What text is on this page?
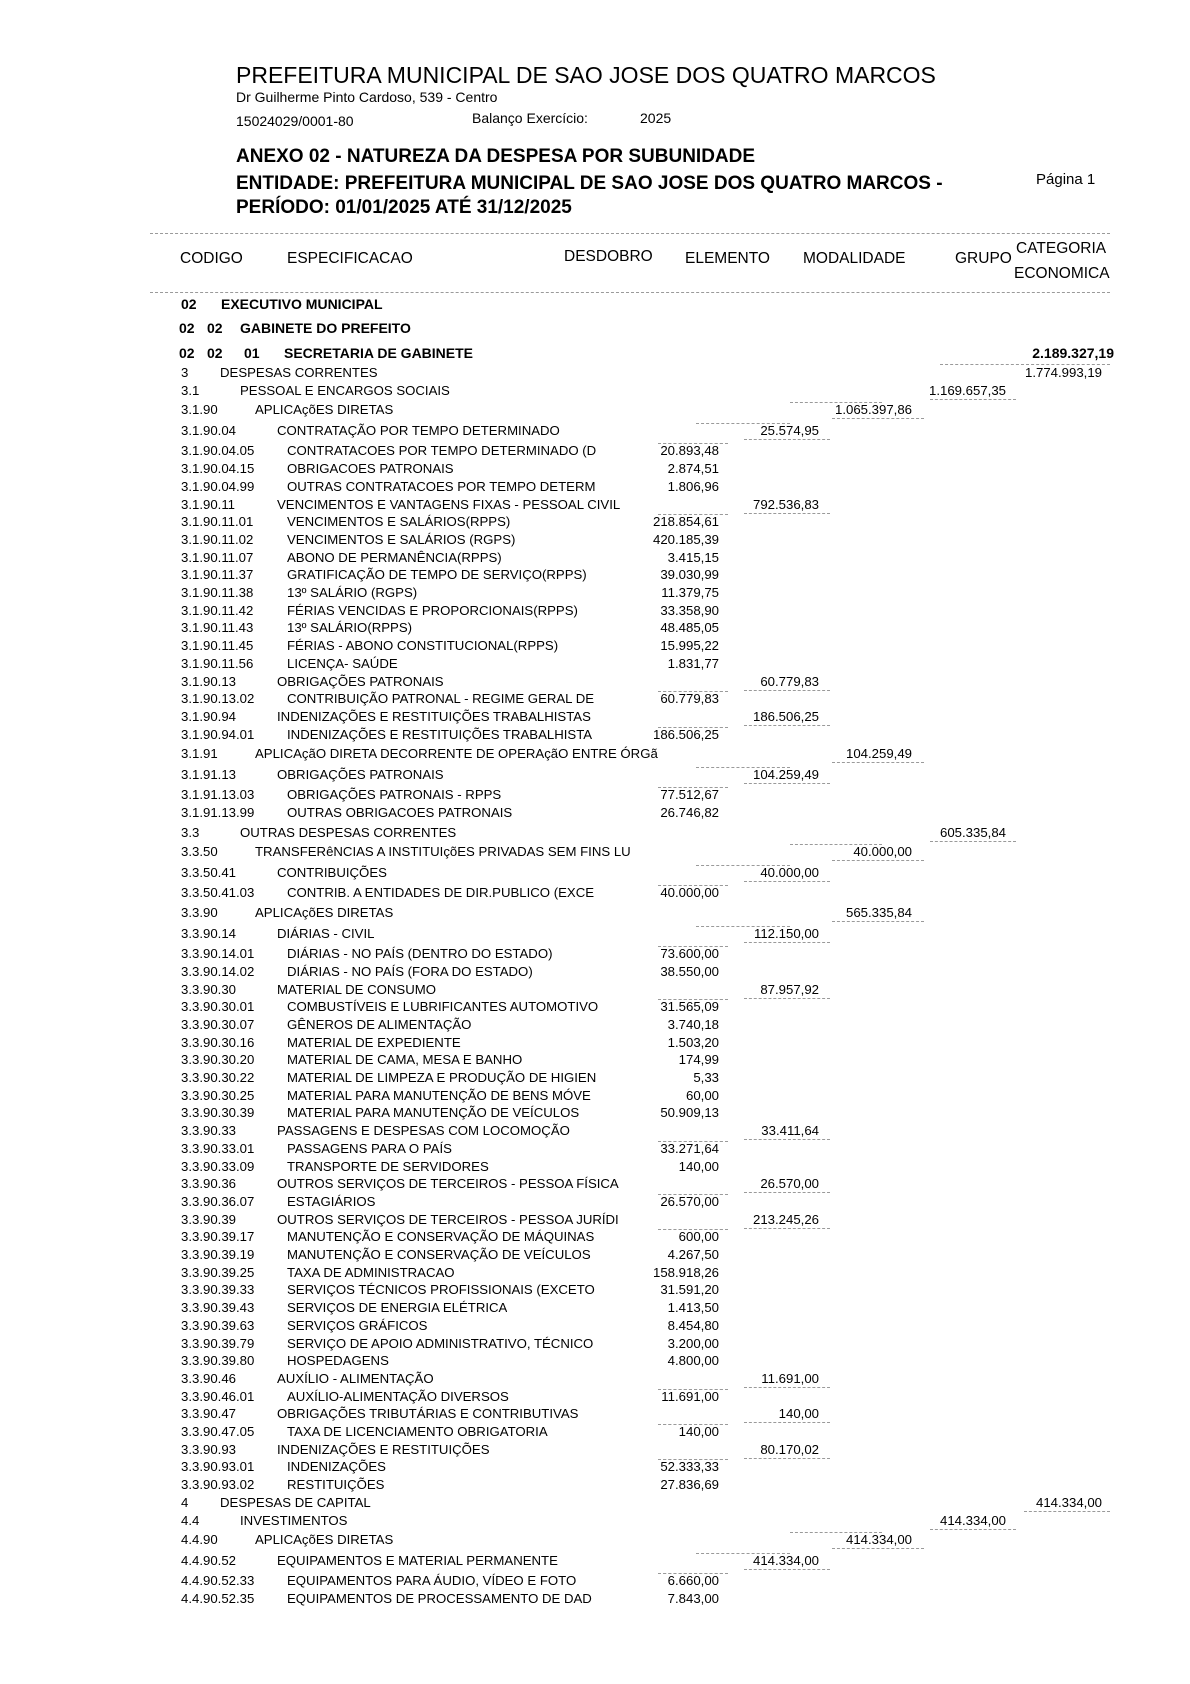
PREFEITURA MUNICIPAL DE SAO JOSE DOS QUATRO MARCOS
Dr Guilherme Pinto Cardoso, 539 - Centro
15024029/0001-80	Balanço Exercício:	2025
ANEXO 02 - NATUREZA DA DESPESA POR SUBUNIDADE
ENTIDADE: PREFEITURA MUNICIPAL DE SAO JOSE DOS QUATRO MARCOS -
PERÍODO: 01/01/2025 ATÉ 31/12/2025
Página 1
CODIGO	ESPECIFICACAO	DESDOBRO ELEMENTO MODALIDADE	GRUPO
CATEGORIA
ECONOMICA
02 EXECUTIVO MUNICIPAL
02 02 GABINETE DO PREFEITO
02 02 01 SECRETARIA DE GABINETE	2.189.327,19
3 DESPESAS CORRENTES	1.774.993,19
3.1	PESSOAL E ENCARGOS SOCIAIS	1.169.657,35
3.1.90	APLICAçõES DIRETAS	1.065.397,86
3.1.90.04	CONTRATAÇÃO POR TEMPO DETERMINADO	25.574,95
3.1.90.04.05 CONTRATACOES POR TEMPO DETERMINADO (D	20.893,48
3.1.90.04.15 OBRIGACOES PATRONAIS	2.874,51
3.1.90.04.99 OUTRAS CONTRATACOES POR TEMPO DETERM	1.806,96
3.1.90.11	VENCIMENTOS E VANTAGENS FIXAS - PESSOAL CIVIL	792.536,83
3.1.90.11.01	VENCIMENTOS E SALÁRIOS(RPPS)	218.854,61
3.1.90.11.02	VENCIMENTOS E SALÁRIOS (RGPS)	420.185,39
3.1.90.11.07	ABONO DE PERMANÊNCIA(RPPS)	3.415,15
3.1.90.11.37	GRATIFICAÇÃO DE TEMPO DE SERVIÇO(RPPS)	39.030,99
3.1.90.11.38	13º SALÁRIO (RGPS)	11.379,75
3.1.90.11.42	FÉRIAS VENCIDAS E PROPORCIONAIS(RPPS)	33.358,90
3.1.90.11.43	13º SALÁRIO(RPPS)	48.485,05
3.1.90.11.45	FÉRIAS - ABONO CONSTITUCIONAL(RPPS)	15.995,22
3.1.90.11.56	LICENÇA- SAÚDE	1.831,77
3.1.90.13	OBRIGAÇÕES PATRONAIS	60.779,83
3.1.90.13.02 CONTRIBUIÇÃO PATRONAL - REGIME GERAL DE	60.779,83
3.1.90.94	INDENIZAÇÕES E RESTITUIÇÕES TRABALHISTAS	186.506,25
3.1.90.94.01 INDENIZAÇÕES E RESTITUIÇÕES TRABALHISTA	186.506,25
3.1.91	APLICAçãO DIRETA DECORRENTE DE OPERAçãO ENTRE ÓRGã	104.259,49
3.1.91.13	OBRIGAÇÕES PATRONAIS	104.259,49
3.1.91.13.03 OBRIGAÇÕES PATRONAIS - RPPS	77.512,67
3.1.91.13.99 OUTRAS OBRIGACOES PATRONAIS	26.746,82
3.3	OUTRAS DESPESAS CORRENTES	605.335,84
3.3.50	TRANSFERêNCIAS A INSTITUIçõES PRIVADAS SEM FINS LU	40.000,00
3.3.50.41	CONTRIBUIÇÕES	40.000,00
3.3.50.41.03 CONTRIB. A ENTIDADES DE DIR.PUBLICO (EXCE	40.000,00
3.3.90	APLICAçõES DIRETAS	565.335,84
3.3.90.14	DIÁRIAS - CIVIL	112.150,00
3.3.90.14.01 DIÁRIAS - NO PAÍS (DENTRO DO ESTADO)	73.600,00
3.3.90.14.02 DIÁRIAS - NO PAÍS (FORA DO ESTADO)	38.550,00
3.3.90.30	MATERIAL DE CONSUMO	87.957,92
3.3.90.30.01 COMBUSTÍVEIS E LUBRIFICANTES AUTOMOTIVO	31.565,09
3.3.90.30.07 GÊNEROS DE ALIMENTAÇÃO	3.740,18
3.3.90.30.16 MATERIAL DE EXPEDIENTE	1.503,20
3.3.90.30.20 MATERIAL DE CAMA, MESA E BANHO	174,99
3.3.90.30.22 MATERIAL DE LIMPEZA E PRODUÇÃO DE HIGIEN	5,33
3.3.90.30.25 MATERIAL PARA MANUTENÇÃO DE BENS MÓVE	60,00
3.3.90.30.39 MATERIAL PARA MANUTENÇÃO DE VEÍCULOS	50.909,13
3.3.90.33	PASSAGENS E DESPESAS COM LOCOMOÇÃO	33.411,64
3.3.90.33.01 PASSAGENS PARA O PAÍS	33.271,64
3.3.90.33.09 TRANSPORTE DE SERVIDORES	140,00
3.3.90.36	OUTROS SERVIÇOS DE TERCEIROS - PESSOA FÍSICA	26.570,00
3.3.90.36.07 ESTAGIÁRIOS	26.570,00
3.3.90.39	OUTROS SERVIÇOS DE TERCEIROS - PESSOA JURÍDI	213.245,26
3.3.90.39.17 MANUTENÇÃO E CONSERVAÇÃO DE MÁQUINAS	600,00
3.3.90.39.19 MANUTENÇÃO E CONSERVAÇÃO DE VEÍCULOS	4.267,50
3.3.90.39.25 TAXA DE ADMINISTRACAO	158.918,26
3.3.90.39.33 SERVIÇOS TÉCNICOS PROFISSIONAIS (EXCETO	31.591,20
3.3.90.39.43 SERVIÇOS DE ENERGIA ELÉTRICA	1.413,50
3.3.90.39.63 SERVIÇOS GRÁFICOS	8.454,80
3.3.90.39.79 SERVIÇO DE APOIO ADMINISTRATIVO, TÉCNICO	3.200,00
3.3.90.39.80 HOSPEDAGENS	4.800,00
3.3.90.46	AUXÍLIO - ALIMENTAÇÃO	11.691,00
3.3.90.46.01 AUXÍLIO-ALIMENTAÇÃO DIVERSOS	11.691,00
3.3.90.47	OBRIGAÇÕES TRIBUTÁRIAS E CONTRIBUTIVAS	140,00
3.3.90.47.05 TAXA DE LICENCIAMENTO OBRIGATORIA	140,00
3.3.90.93	INDENIZAÇÕES E RESTITUIÇÕES	80.170,02
3.3.90.93.01 INDENIZAÇÕES	52.333,33
3.3.90.93.02 RESTITUIÇÕES	27.836,69
4 DESPESAS DE CAPITAL	414.334,00
4.4	INVESTIMENTOS	414.334,00
4.4.90	APLICAçõES DIRETAS	414.334,00
4.4.90.52	EQUIPAMENTOS E MATERIAL PERMANENTE	414.334,00
4.4.90.52.33 EQUIPAMENTOS PARA ÁUDIO, VÍDEO E FOTO	6.660,00
4.4.90.52.35 EQUIPAMENTOS DE PROCESSAMENTO DE DAD	7.843,00
